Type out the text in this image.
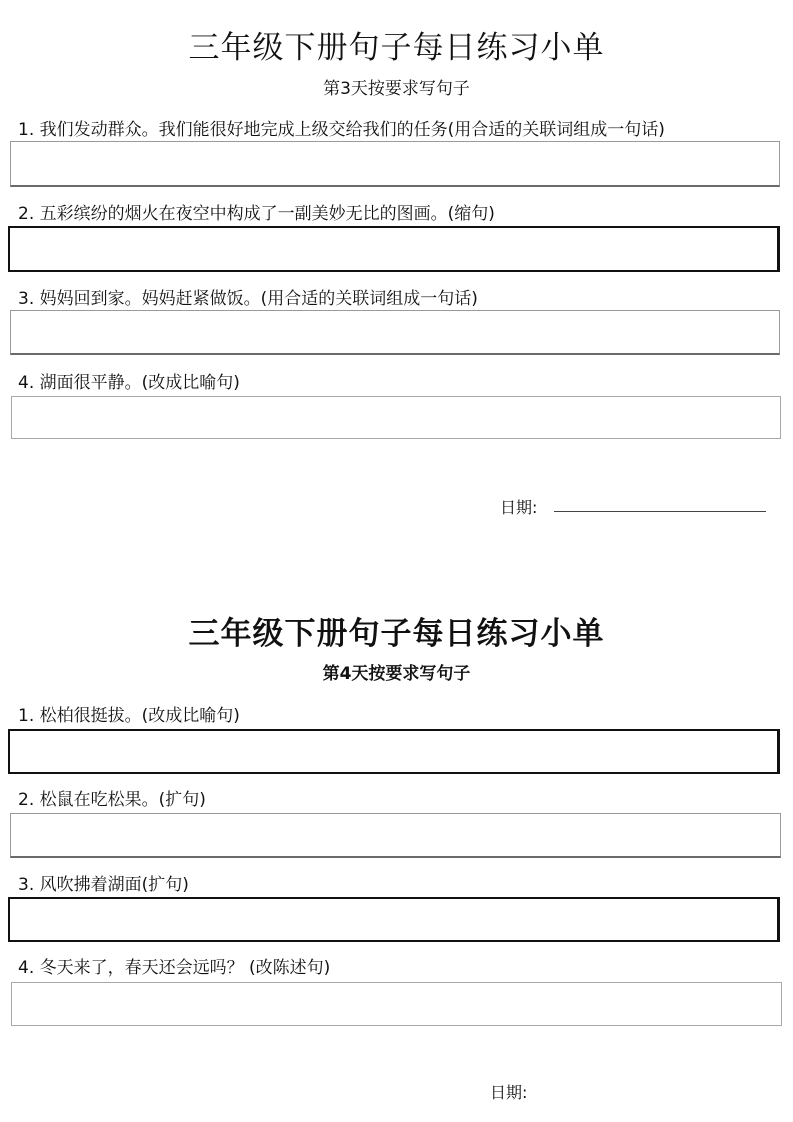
三年级下册句子每日练习小单
第3天按要求写句子
1. 我们发动群众。我们能很好地完成上级交给我们的任务(用合适的关联词组成一句话)
2. 五彩缤纷的烟火在夜空中构成了一副美妙无比的图画。(缩句)
3. 妈妈回到家。妈妈赶紧做饭。(用合适的关联词组成一句话)
4. 湖面很平静。(改成比喻句)
日期:
三年级下册句子每日练习小单
第4天按要求写句子
1. 松柏很挺拔。(改成比喻句)
2. 松鼠在吃松果。(扩句)
3. 风吹拂着湖面(扩句)
4. 冬天来了，春天还会远吗？ (改陈述句)
日期:
